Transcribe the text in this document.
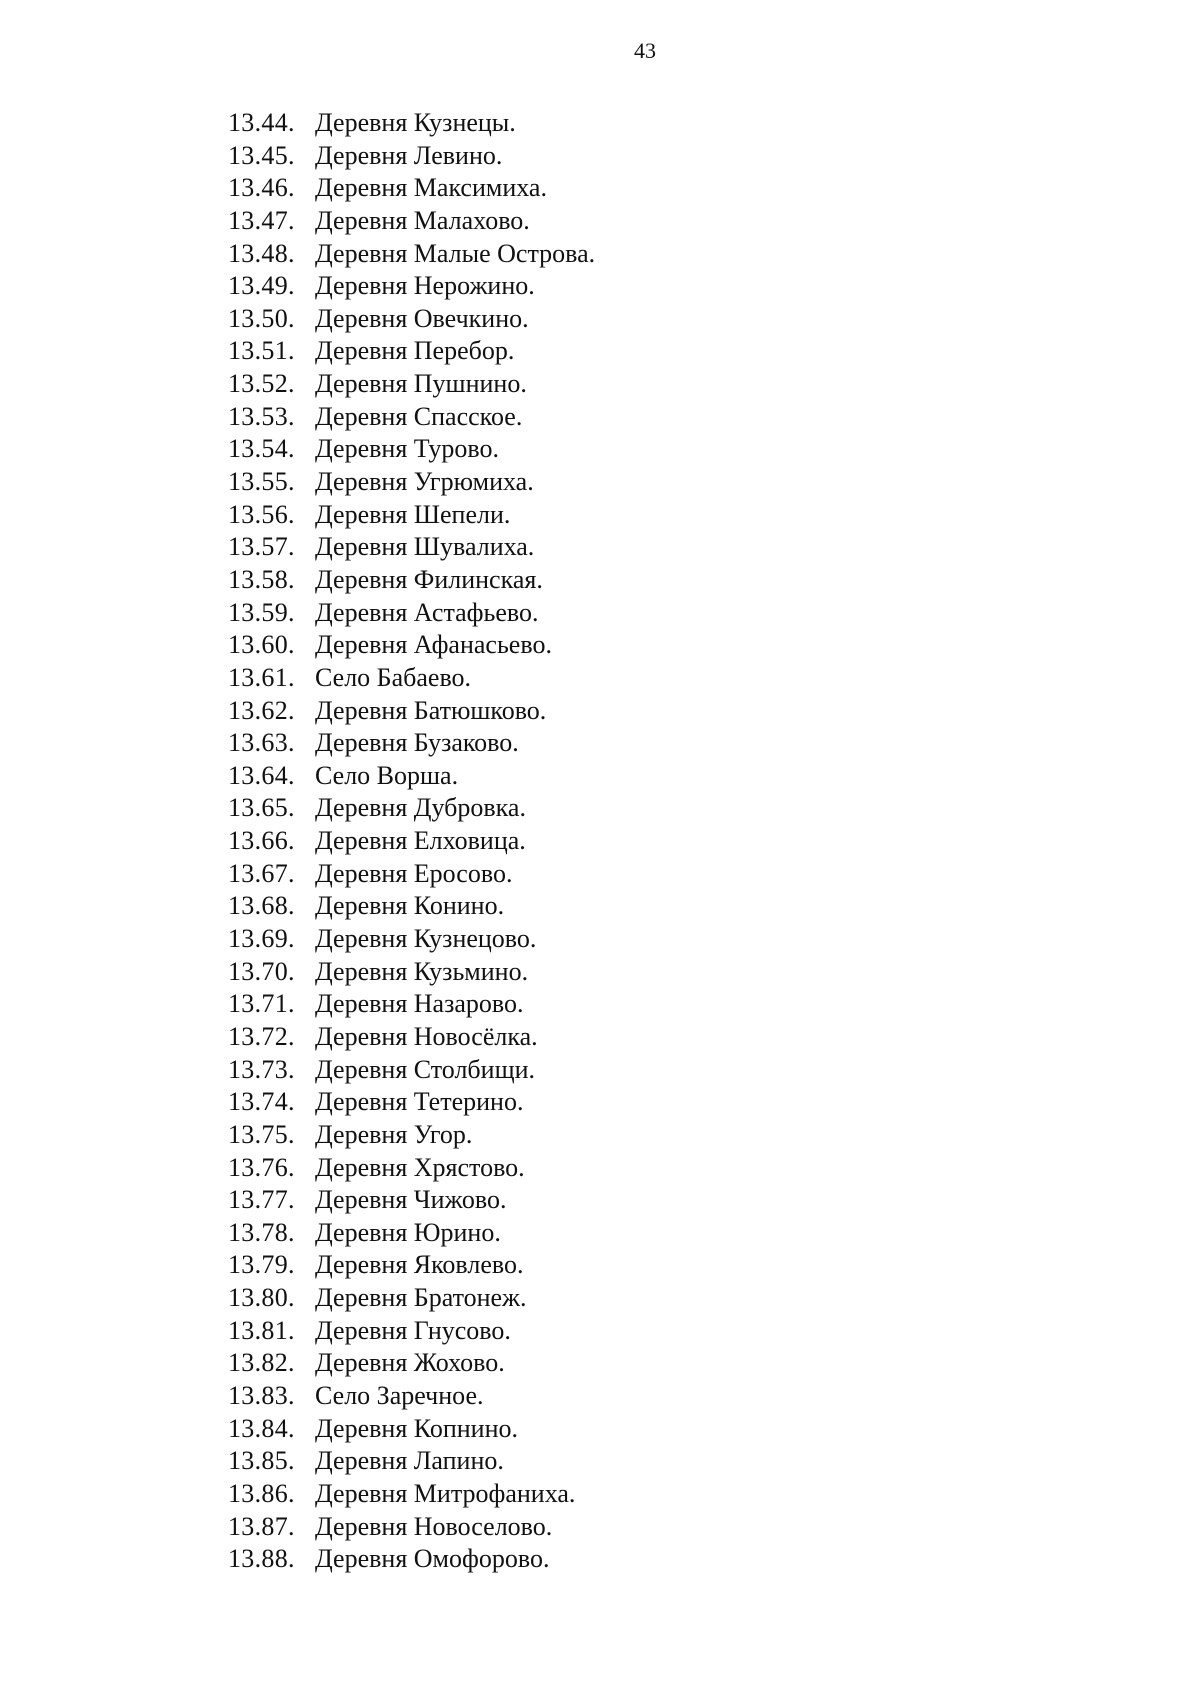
43
13.44. Деревня Кузнецы.
13.45. Деревня Левино.
13.46. Деревня Максимиха.
13.47. Деревня Малахово.
13.48. Деревня Малые Острова.
13.49. Деревня Нерожино.
13.50. Деревня Овечкино.
13.51. Деревня Перебор.
13.52. Деревня Пушнино.
13.53. Деревня Спасское.
13.54. Деревня Турово.
13.55. Деревня Угрюмиха.
13.56. Деревня Шепели.
13.57. Деревня Шувалиха.
13.58. Деревня Филинская.
13.59. Деревня Астафьево.
13.60. Деревня Афанасьево.
13.61. Село Бабаево.
13.62. Деревня Батюшково.
13.63. Деревня Бузаково.
13.64. Село Ворша.
13.65. Деревня Дубровка.
13.66. Деревня Елховица.
13.67. Деревня Еросово.
13.68. Деревня Конино.
13.69. Деревня Кузнецово.
13.70. Деревня Кузьмино.
13.71. Деревня Назарово.
13.72. Деревня Новосёлка.
13.73. Деревня Столбищи.
13.74. Деревня Тетерино.
13.75. Деревня Угор.
13.76. Деревня Хрястово.
13.77. Деревня Чижово.
13.78. Деревня Юрино.
13.79. Деревня Яковлево.
13.80. Деревня Братонеж.
13.81. Деревня Гнусово.
13.82. Деревня Жохово.
13.83. Село Заречное.
13.84. Деревня Копнино.
13.85. Деревня Лапино.
13.86. Деревня Митрофаниха.
13.87. Деревня Новоселово.
13.88. Деревня Омофорово.
